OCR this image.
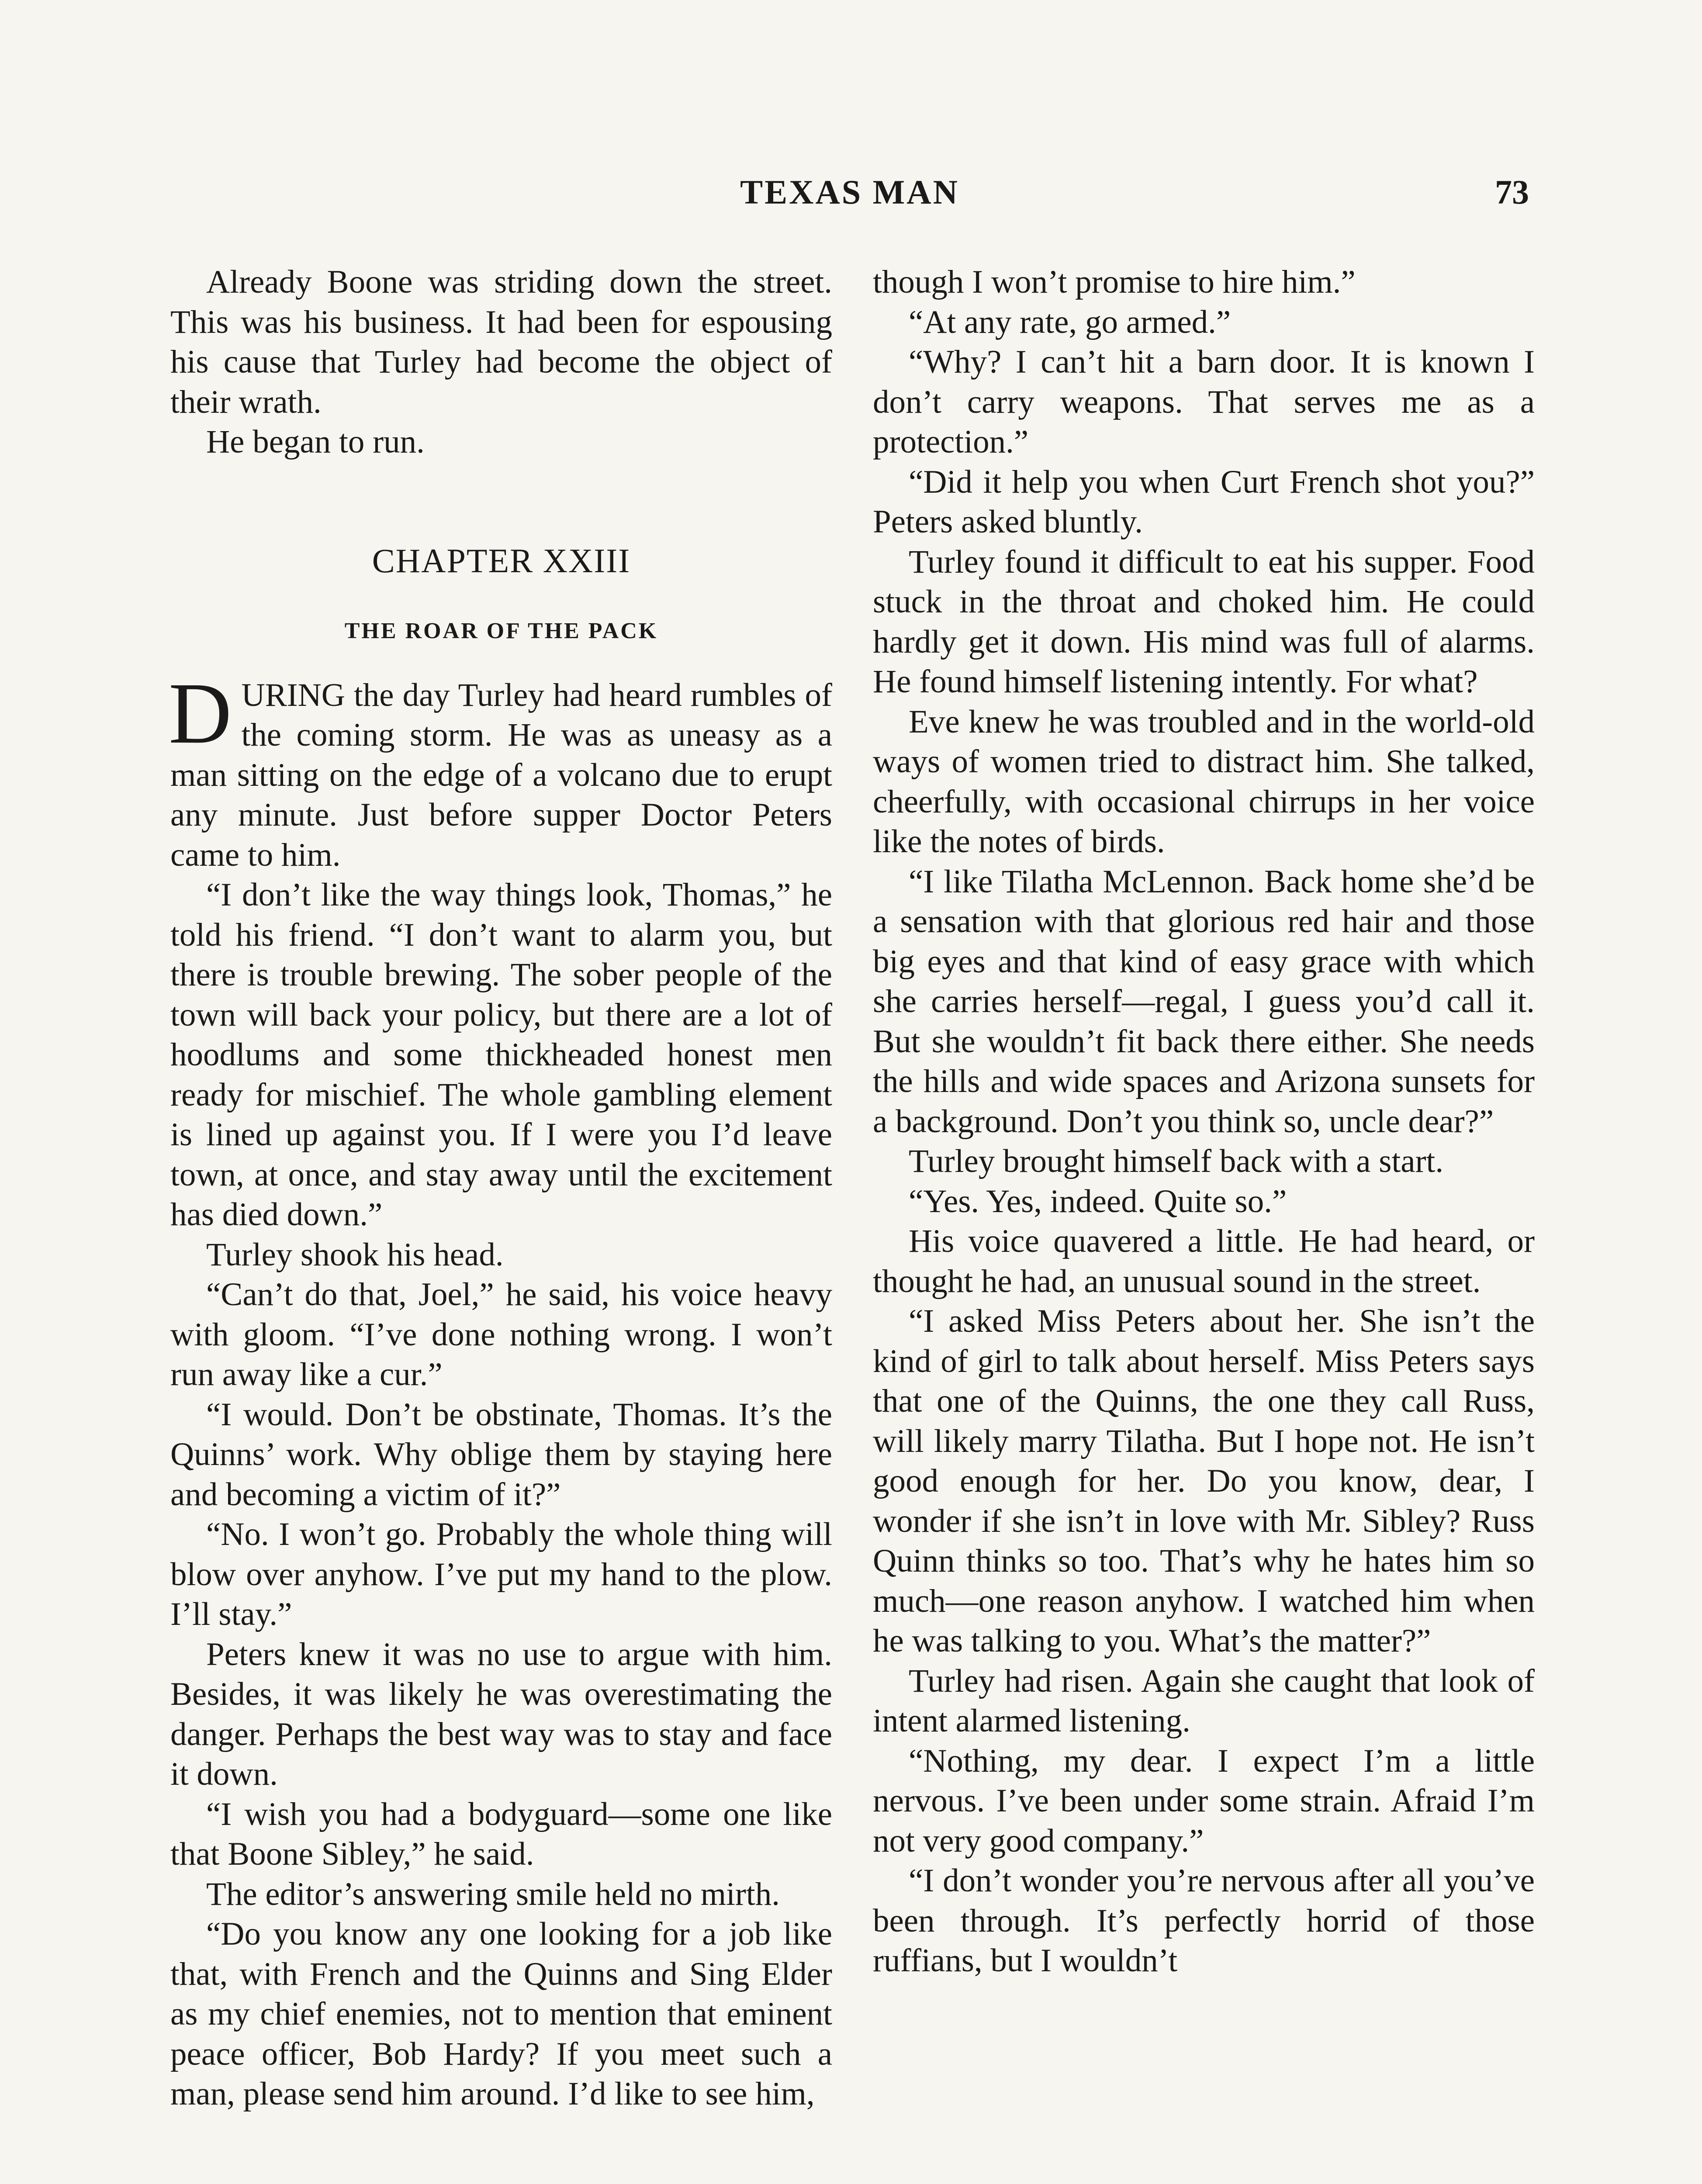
TEXAS MAN	73

Already Boone was striding down the street. This was his business. It had been for espousing his cause that Turley had become the object of their wrath.

He began to run.

CHAPTER XXIII
THE ROAR OF THE PACK

DURING the day Turley had heard rumbles of the coming storm. He was as uneasy as a man sitting on the edge of a volcano due to erupt any minute. Just before supper Doctor Peters came to him.

“I don’t like the way things look, Thomas,” he told his friend. “I don’t want to alarm you, but there is trouble brewing. The sober people of the town will back your policy, but there are a lot of hoodlums and some thickheaded honest men ready for mischief. The whole gambling element is lined up against you. If I were you I’d leave town, at once, and stay away until the excitement has died down.”

Turley shook his head.

“Can’t do that, Joel,” he said, his voice heavy with gloom. “I’ve done nothing wrong. I won’t run away like a cur.”

“I would. Don’t be obstinate, Thomas. It’s the Quinns’ work. Why oblige them by staying here and becoming a victim of it?”

“No. I won’t go. Probably the whole thing will blow over anyhow. I’ve put my hand to the plow. I’ll stay.”

Peters knew it was no use to argue with him. Besides, it was likely he was overestimating the danger. Perhaps the best way was to stay and face it down.

“I wish you had a bodyguard—some one like that Boone Sibley,” he said.

The editor’s answering smile held no mirth.

“Do you know any one looking for a job like that, with French and the Quinns and Sing Elder as my chief enemies, not to mention that eminent peace officer, Bob Hardy? If you meet such a man, please send him around. I’d like to see him,

though I won’t promise to hire him.”

“At any rate, go armed.”

“Why? I can’t hit a barn door. It is known I don’t carry weapons. That serves me as a protection.”

“Did it help you when Curt French shot you?” Peters asked bluntly.

Turley found it difficult to eat his supper. Food stuck in the throat and choked him. He could hardly get it down. His mind was full of alarms. He found himself listening intently. For what?

Eve knew he was troubled and in the world-old ways of women tried to distract him. She talked, cheerfully, with occasional chirrups in her voice like the notes of birds.

“I like Tilatha McLennon. Back home she’d be a sensation with that glorious red hair and those big eyes and that kind of easy grace with which she carries herself—regal, I guess you’d call it. But she wouldn’t fit back there either. She needs the hills and wide spaces and Arizona sunsets for a background. Don’t you think so, uncle dear?”

Turley brought himself back with a start.

“Yes. Yes, indeed. Quite so.”

His voice quavered a little. He had heard, or thought he had, an unusual sound in the street.

“I asked Miss Peters about her. She isn’t the kind of girl to talk about herself. Miss Peters says that one of the Quinns, the one they call Russ, will likely marry Tilatha. But I hope not. He isn’t good enough for her. Do you know, dear, I wonder if she isn’t in love with Mr. Sibley? Russ Quinn thinks so too. That’s why he hates him so much—one reason anyhow. I watched him when he was talking to you. What’s the matter?”

Turley had risen. Again she caught that look of intent alarmed listening.

“Nothing, my dear. I expect I’m a little nervous. I’ve been under some strain. Afraid I’m not very good company.”

“I don’t wonder you’re nervous after all you’ve been through. It’s perfectly horrid of those ruffians, but I wouldn’t
